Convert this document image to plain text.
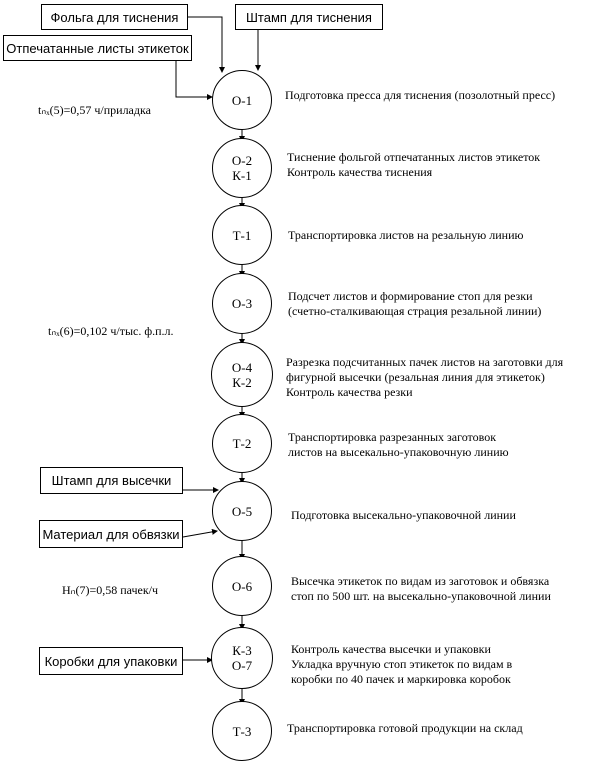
Фольга для тиснения	Штамп для тиснения
Отпечатанные листы этикеток
Штамп для высечки
Материал для обвязки
Коробки для упаковки
О-1
О-2
К-1
Т-1
О-3
О-4
К-2
Т-2
О-5
О-6
К-3
О-7
Т-3
Подготовка пресса для тиснения (позолотный пресс)
Тиснение фольгой отпечатанных листов этикеток
Контроль качества тиснения
Транспортировка листов на резальную линию
Подсчет листов и формирование стоп для резки
(счетно-сталкивающая страция резальной линии)
Разрезка подсчитанных пачек листов на заготовки для
фигурной высечки (резальная линия для этикеток)
Контроль качества резки
Транспортировка разрезанных заготовок
листов на высекально-упаковочную линию
Подготовка высекально-упаковочной линии
Высечка этикеток по видам из заготовок и обвязка
стоп по 500 шт. на высекально-упаковочной линии
Контроль качества высечки и упаковки
Укладка вручную стоп этикеток по видам в
коробки по 40 пачек и маркировка коробок
Транспортировка готовой продукции на склад
tₙₓ(5)=0,57 ч/приладка
tₙₓ(6)=0,102 ч/тыс. ф.п.л.
Нₙ(7)=0,58 пачек/ч
